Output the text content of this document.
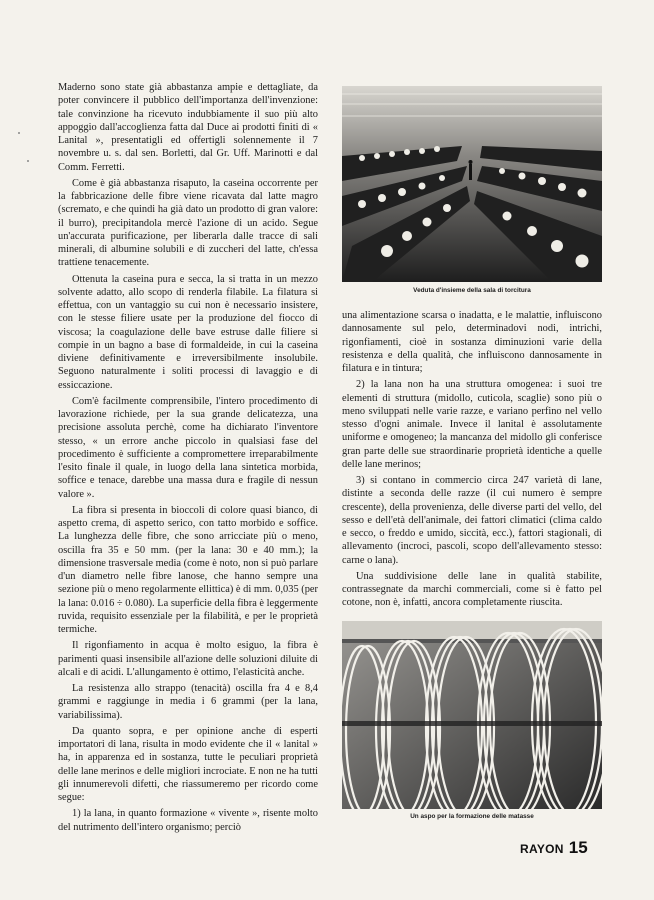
Maderno sono state già abbastanza ampie e dettagliate, da poter convincere il pubblico dell'importanza dell'invenzione: tale convinzione ha ricevuto indubbiamente il suo più alto appoggio dall'accoglienza fatta dal Duce ai prodotti finiti di « Lanital », presentatigli ed offertigli solennemente il 7 novembre u. s. dal sen. Borletti, dal Gr. Uff. Marinotti e dal Comm. Ferretti.

Come è già abbastanza risaputo, la caseina occorrente per la fabbricazione delle fibre viene ricavata dal latte magro (scremato, e che quindi ha già dato un prodotto di gran valore: il burro), precipitandola mercè l'azione di un acido. Segue un'accurata purificazione, per liberarla dalle tracce di sali minerali, di albumine solubili e di zuccheri del latte, ch'essa trattiene tenacemente.

Ottenuta la caseina pura e secca, la si tratta in un mezzo solvente adatto, allo scopo di renderla filabile. La filatura si effettua, con un vantaggio su cui non è necessario insistere, con le stesse filiere usate per la produzione del fiocco di viscosa; la coagulazione delle bave estruse dalle filiere si compie in un bagno a base di formaldeide, in cui la caseina diviene definitivamente e irreversibilmente insolubile. Seguono naturalmente i soliti processi di lavaggio e di essiccazione.

Com'è facilmente comprensibile, l'intero procedimento di lavorazione richiede, per la sua grande delicatezza, una precisione assoluta perchè, come ha dichiarato l'inventore stesso, « un errore anche piccolo in qualsiasi fase del procedimento è sufficiente a compromettere irreparabilmente l'esito finale il quale, in luogo della lana sintetica morbida, soffice e tenace, darebbe una massa dura e fragile di nessun valore ».

La fibra si presenta in bioccoli di colore quasi bianco, di aspetto crema, di aspetto serico, con tatto morbido e soffice. La lunghezza delle fibre, che sono arricciate più o meno, oscilla fra 35 e 50 mm. (per la lana: 30 e 40 mm.); la dimensione trasversale media (come è noto, non si può parlare d'un diametro nelle fibre lanose, che hanno sempre una sezione più o meno regolarmente ellittica) è di mm. 0,035 (per la lana: 0.016 ÷ 0.080). La superficie della fibra è leggermente ruvida, requisito essenziale per la filabilità, e per le proprietà termiche.

Il rigonfiamento in acqua è molto esiguo, la fibra è parimenti quasi insensibile all'azione delle soluzioni diluite di alcali e di acidi. L'allungamento è ottimo, l'elasticità anche.

La resistenza allo strappo (tenacità) oscilla fra 4 e 8,4 grammi e raggiunge in media i 6 grammi (per la lana, variabilissima).

Da quanto sopra, e per opinione anche di esperti importatori di lana, risulta in modo evidente che il « lanital » ha, in apparenza ed in sostanza, tutte le peculiari proprietà delle lane merinos e delle migliori incrociate. E non ne ha tutti gli innumerevoli difetti, che riassumeremo per ricordo come segue:

1) la lana, in quanto formazione « vivente », risente molto del nutrimento dell'intero organismo; perciò

Veduta d'insieme della sala di torcitura

una alimentazione scarsa o inadatta, e le malattie, influiscono dannosamente sul pelo, determinadovi nodi, intrichi, rigonfiamenti, cioè in sostanza diminuzioni varie della resistenza e della qualità, che influiscono dannosamente in filatura e in tintura;

2) la lana non ha una struttura omogenea: i suoi tre elementi di struttura (midollo, cuticola, scaglie) sono più o meno sviluppati nelle varie razze, e variano perfino nel vello stesso d'ogni animale. Invece il lanital è assolutamente uniforme e omogeneo; la mancanza del midollo gli conferisce gran parte delle sue straordinarie proprietà identiche a quelle delle lane merinos;

3) si contano in commercio circa 247 varietà di lane, distinte a seconda delle razze (il cui numero è sempre crescente), della provenienza, delle diverse parti del vello, del sesso e dell'età dell'animale, dei fattori climatici (clima caldo e secco, o freddo e umido, siccità, ecc.), fattori stagionali, di allevamento (incroci, pascoli, scopo dell'allevamento stesso: carne o lana).

Una suddivisione delle lane in qualità stabilite, contrassegnate da marchi commerciali, come si è fatto pel cotone, non è, infatti, ancora completamente riuscita.

Un aspo per la formazione delle matasse
RAYON 15
